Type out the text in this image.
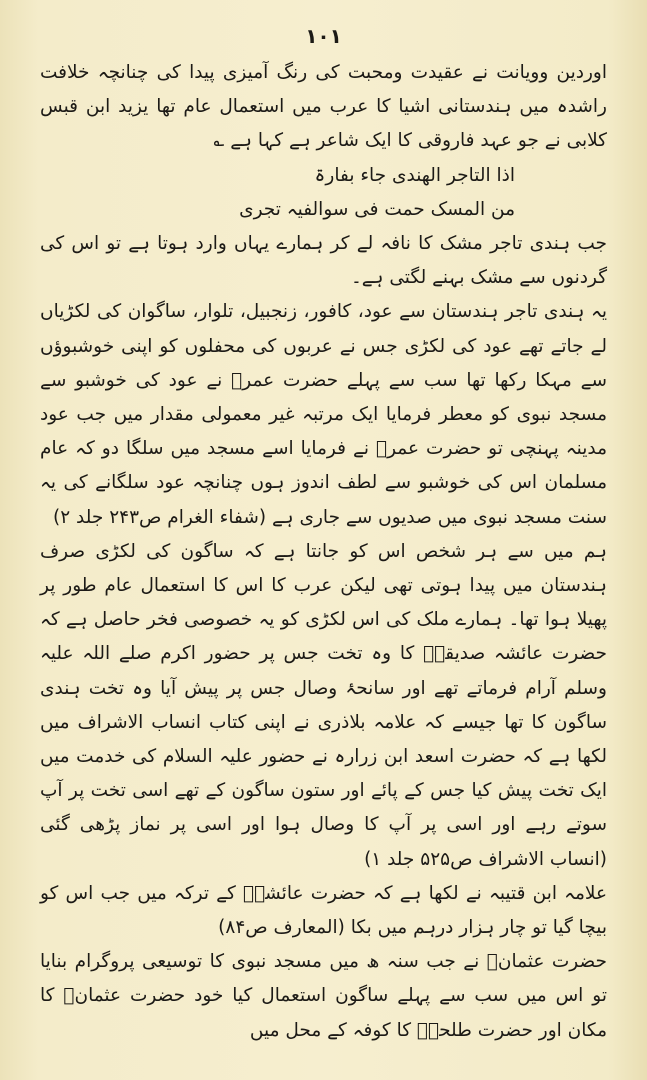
١٠١

اوردین وویانت نے عقیدت ومحبت کی رنگ آمیزی پیدا کی چنانچہ خلافت راشدہ میں ہندستانی اشیا کا عرب میں استعمال عام تھا یزید ابن قبس کلابی نے جو عہد فاروقی کا ایک شاعر ہے کہا ہے ؎

اذا التاجر الھندی جاء بفارۃ
من المسک حمت فی سوالفیہ تجری

جب ہندی تاجر مشک کا نافہ لے کر ہمارے یہاں وارد ہوتا ہے تو اس کی گردنوں سے مشک بہنے لگتی ہے۔

یہ ہندی تاجر ہندستان سے عود، کافور، زنجبیل، تلوار، ساگوان کی لکڑیاں لے جاتے تھے عود کی لکڑی جس نے عربوں کی محفلوں کو اپنی خوشبوؤں سے مہکا رکھا تھا سب سے پہلے حضرت عمرؓ نے عود کی خوشبو سے مسجد نبوی کو معطر فرمایا ایک مرتبہ غیر معمولی مقدار میں جب عود مدینہ پہنچی تو حضرت عمرؓ نے فرمایا اسے مسجد میں سلگا دو کہ عام مسلمان اس کی خوشبو سے لطف اندوز ہوں چنانچہ عود سلگانے کی یہ سنت مسجد نبوی میں صدیوں سے جاری ہے (شفاء الغرام ص۲۴۳ جلد ۲)

ہم میں سے ہر شخص اس کو جانتا ہے کہ ساگون کی لکڑی صرف ہندستان میں پیدا ہوتی تھی لیکن عرب کا اس کا استعمال عام طور پر پھیلا ہوا تھا۔ ہمارے ملک کی اس لکڑی کو یہ خصوصی فخر حاصل ہے کہ حضرت عائشہ صدیقہؓ کا وہ تخت جس پر حضور اکرم صلے اللہ علیہ وسلم آرام فرماتے تھے اور سانحۂ وصال جس پر پیش آیا وہ تخت ہندی ساگون کا تھا جیسے کہ علامہ بلاذری نے اپنی کتاب انساب الاشراف میں لکھا ہے کہ حضرت اسعد ابن زرارہ نے حضور علیہ السلام کی خدمت میں ایک تخت پیش کیا جس کے پائے اور ستون ساگون کے تھے اسی تخت پر آپ سوتے رہے اور اسی پر آپ کا وصال ہوا اور اسی پر نماز پڑھی گئی (انساب الاشراف ص۵۲۵ جلد ۱)

علامہ ابن قتیبہ نے لکھا ہے کہ حضرت عائشہؓ کے ترکہ میں جب اس کو بیچا گیا تو چار ہزار درہم میں بکا (المعارف ص۸۴)

حضرت عثمانؓ نے جب سنہ ھ میں مسجد نبوی کا توسیعی پروگرام بنایا تو اس میں سب سے پہلے ساگون استعمال کیا خود حضرت عثمانؓ کا مکان اور حضرت طلحہؓ کا کوفہ کے محل میں
